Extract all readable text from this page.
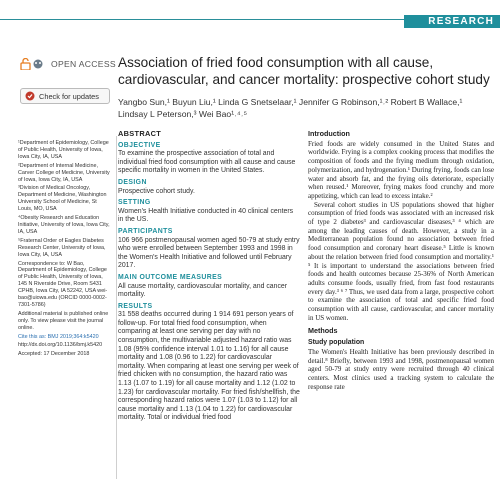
RESEARCH
OPEN ACCESS
Check for updates
Association of fried food consumption with all cause, cardiovascular, and cancer mortality: prospective cohort study
Yangbo Sun,¹ Buyun Liu,¹ Linda G Snetselaar,¹ Jennifer G Robinson,¹˒² Robert B Wallace,¹
Lindsay L Peterson,³ Wei Bao¹˒⁴˒⁵

¹Department of Epidemiology, College of Public Health, University of Iowa, Iowa City, IA, USA

²Department of Internal Medicine, Carver College of Medicine, University of Iowa, Iowa City, IA, USA

³Division of Medical Oncology, Department of Medicine, Washington University School of Medicine, St Louis, MO, USA

⁴Obesity Research and Education Initiative, University of Iowa, Iowa City, IA, USA

⁵Fraternal Order of Eagles Diabetes Research Center, University of Iowa, Iowa City, IA, USA

Correspondence to: W Bao, Department of Epidemiology, College of Public Health, University of Iowa, 145 N Riverside Drive, Room S431 CPHB, Iowa City, IA 52242, USA wei-bao@uiowa.edu (ORCID 0000-0002-7301-5786)

Additional material is published online only. To view please visit the journal online.

Cite this as: BMJ 2019;364:k5420

http://dx.doi.org/10.1136/bmj.k5420

Accepted: 17 December 2018

ABSTRACT
OBJECTIVE
To examine the prospective association of total and individual fried food consumption with all cause and cause specific mortality in women in the United States.
DESIGN
Prospective cohort study.
SETTING
Women's Health Initiative conducted in 40 clinical centers in the US.
PARTICIPANTS
106 966 postmenopausal women aged 50-79 at study entry who were enrolled between September 1993 and 1998 in the Women's Health Initiative and followed until February 2017.
MAIN OUTCOME MEASURES
All cause mortality, cardiovascular mortality, and cancer mortality.
RESULTS
31 558 deaths occurred during 1 914 691 person years of follow-up. For total fried food consumption, when comparing at least one serving per day with no consumption, the multivariable adjusted hazard ratio was 1.08 (95% confidence interval 1.01 to 1.16) for all cause mortality and 1.08 (0.96 to 1.22) for cardiovascular mortality. When comparing at least one serving per week of fried chicken with no consumption, the hazard ratio was 1.13 (1.07 to 1.19) for all cause mortality and 1.12 (1.02 to 1.23) for cardiovascular mortality. For fried fish/shellfish, the corresponding hazard ratios were 1.07 (1.03 to 1.12) for all cause mortality and 1.13 (1.04 to 1.22) for cardiovascular mortality. Total or individual fried food
Introduction

Fried foods are widely consumed in the United States and worldwide. Frying is a complex cooking process that modifies the composition of foods and the frying medium through oxidation, polymerization, and hydrogenation.¹ During frying, foods can lose water and absorb fat, and the frying oils deteriorate, especially when reused.¹ Moreover, frying makes food crunchy and more appetizing, which can lead to excess intake.²

Several cohort studies in US populations showed that higher consumption of fried foods was associated with an increased risk of type 2 diabetes³ and cardiovascular diseases,³ ⁴ which are among the leading causes of death. However, a study in a Mediterranean population found no association between fried food consumption and coronary heart disease.⁵ Little is known about the relation between fried food consumption and mortality.¹ ⁵ It is important to understand the associations between fried foods and health outcomes because 25-36% of North American adults consume foods, usually fried, from fast food restaurants every day.³ ⁶ ⁷ Thus, we used data from a large, prospective cohort to examine the association of total and specific fried food consumption with all cause, cardiovascular, and cancer mortality in US women.

Methods
Study population

The Women's Health Initiative has been previously described in detail.⁸ Briefly, between 1993 and 1998, postmenopausal women aged 50-79 at study entry were recruited through 40 clinical centers. Most clinics used a tracking system to calculate the response rate
